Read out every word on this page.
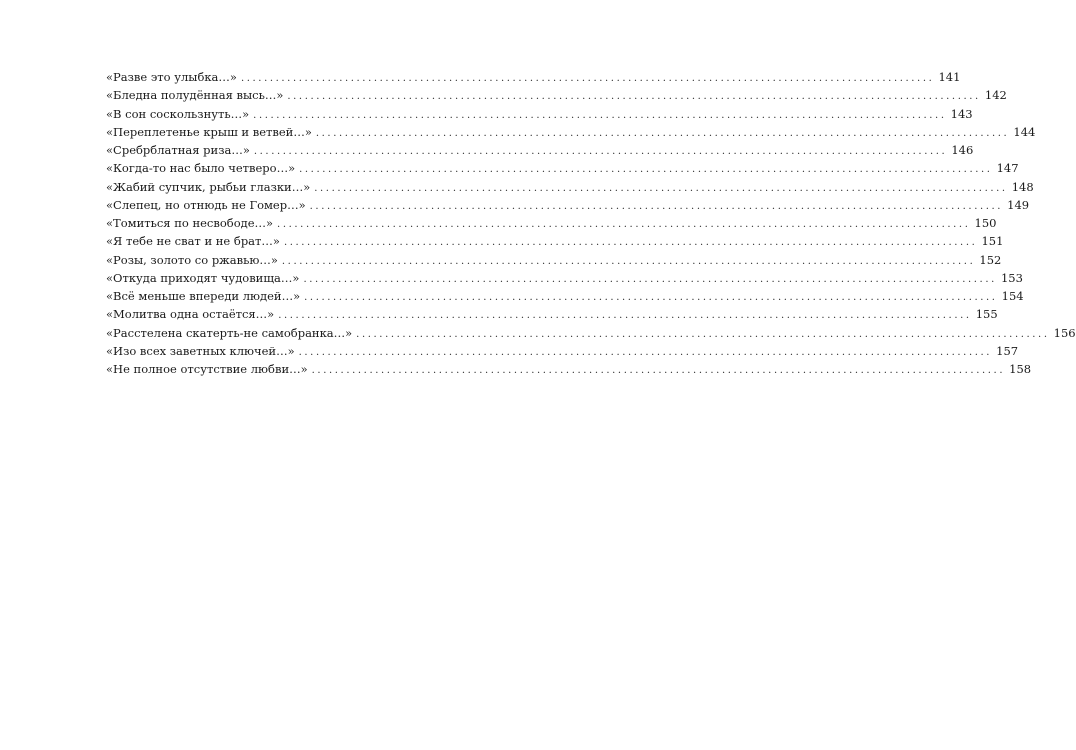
«Разве это улыбка…» ........................................................................................................................ 141
«Бледна полудённая высь…» ........................................................................................................................ 142
«В сон соскользнуть…» ........................................................................................................................ 143
«Переплетенье крыш и ветвей…» ........................................................................................................................ 144
«Сребрблатная риза…» ........................................................................................................................ 146
«Когда-то нас было четверо…» ........................................................................................................................ 147
«Жабий супчик, рыбьи глазки…» ........................................................................................................................ 148
«Слепец, но отнюдь не Гомер…» ........................................................................................................................ 149
«Томиться по несвободе…» ........................................................................................................................ 150
«Я тебе не сват и не брат…» ........................................................................................................................ 151
«Розы, золото со ржавью…» ........................................................................................................................ 152
«Откуда приходят чудовища…» ........................................................................................................................ 153
«Всё меньше впереди людей…» ........................................................................................................................ 154
«Молитва одна остаётся…» ........................................................................................................................ 155
«Расстелена скатерть-не самобранка…» ........................................................................................................................ 156
«Изо всех заветных ключей…» ........................................................................................................................ 157
«Не полное отсутствие любви…» ........................................................................................................................ 158
